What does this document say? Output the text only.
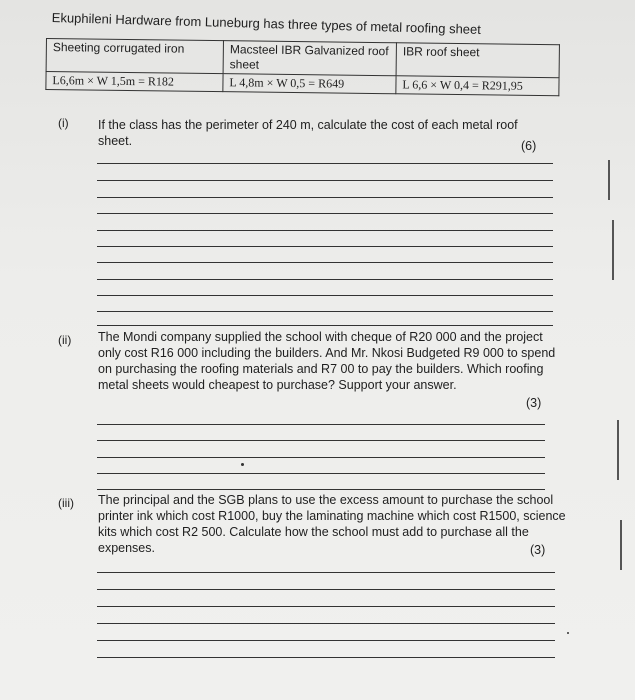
Ekuphileni Hardware from Luneburg has three types of metal roofing sheet
Sheeting corrugated iron	Macsteel IBR Galvanized roof sheet	IBR roof sheet
L6,6m × W 1,5m = R182	L 4,8m × W 0,5 = R649	L 6,6 × W 0,4 = R291,95
(i) If the class has the perimeter of 240 m, calculate the cost of each metal roof sheet.	(6)
(ii) The Mondi company supplied the school with cheque of R20 000 and the project only cost R16 000 including the builders. And Mr. Nkosi Budgeted R9 000 to spend on purchasing the roofing materials and R7 00 to pay the builders. Which roofing metal sheets would cheapest to purchase? Support your answer.
(3)
(iii) The principal and the SGB plans to use the excess amount to purchase the school printer ink which cost R1000, buy the laminating machine which cost R1500, science kits which cost R2 500. Calculate how the school must add to purchase all the expenses.	(3)
